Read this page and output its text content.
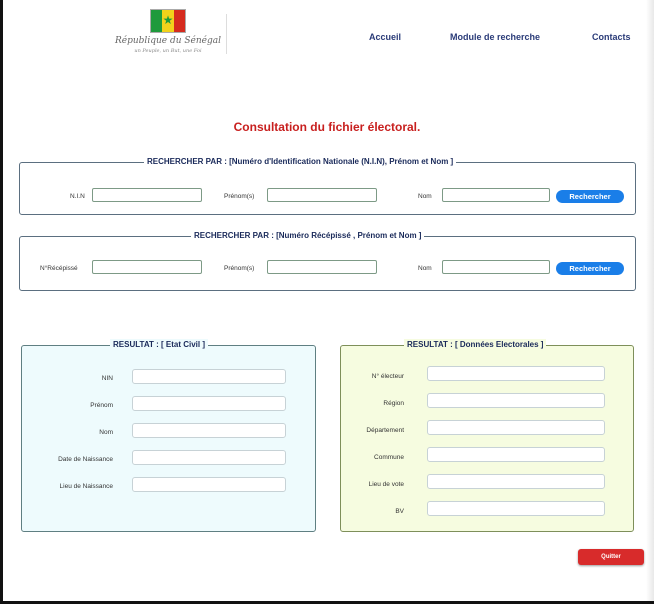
★
République du Sénégal
un Peuple, un But, une Foi
Accueil	Module de recherche	Contacts
Consultation du fichier électoral.
RECHERCHER PAR : [Numéro d'Identification Nationale (N.I.N), Prénom et Nom ]
N.I.N	Prénom(s)	Nom	Rechercher
RECHERCHER PAR : [Numéro Récépissé , Prénom et Nom ]
N°Récépissé	Prénom(s)	Nom	Rechercher
RESULTAT : [ Etat Civil ]
NIN
Prénom
Nom
Date de Naissance
Lieu de Naissance
RESULTAT : [ Données Electorales ]
N° électeur
Région
Département
Commune
Lieu de vote
BV
Quitter
